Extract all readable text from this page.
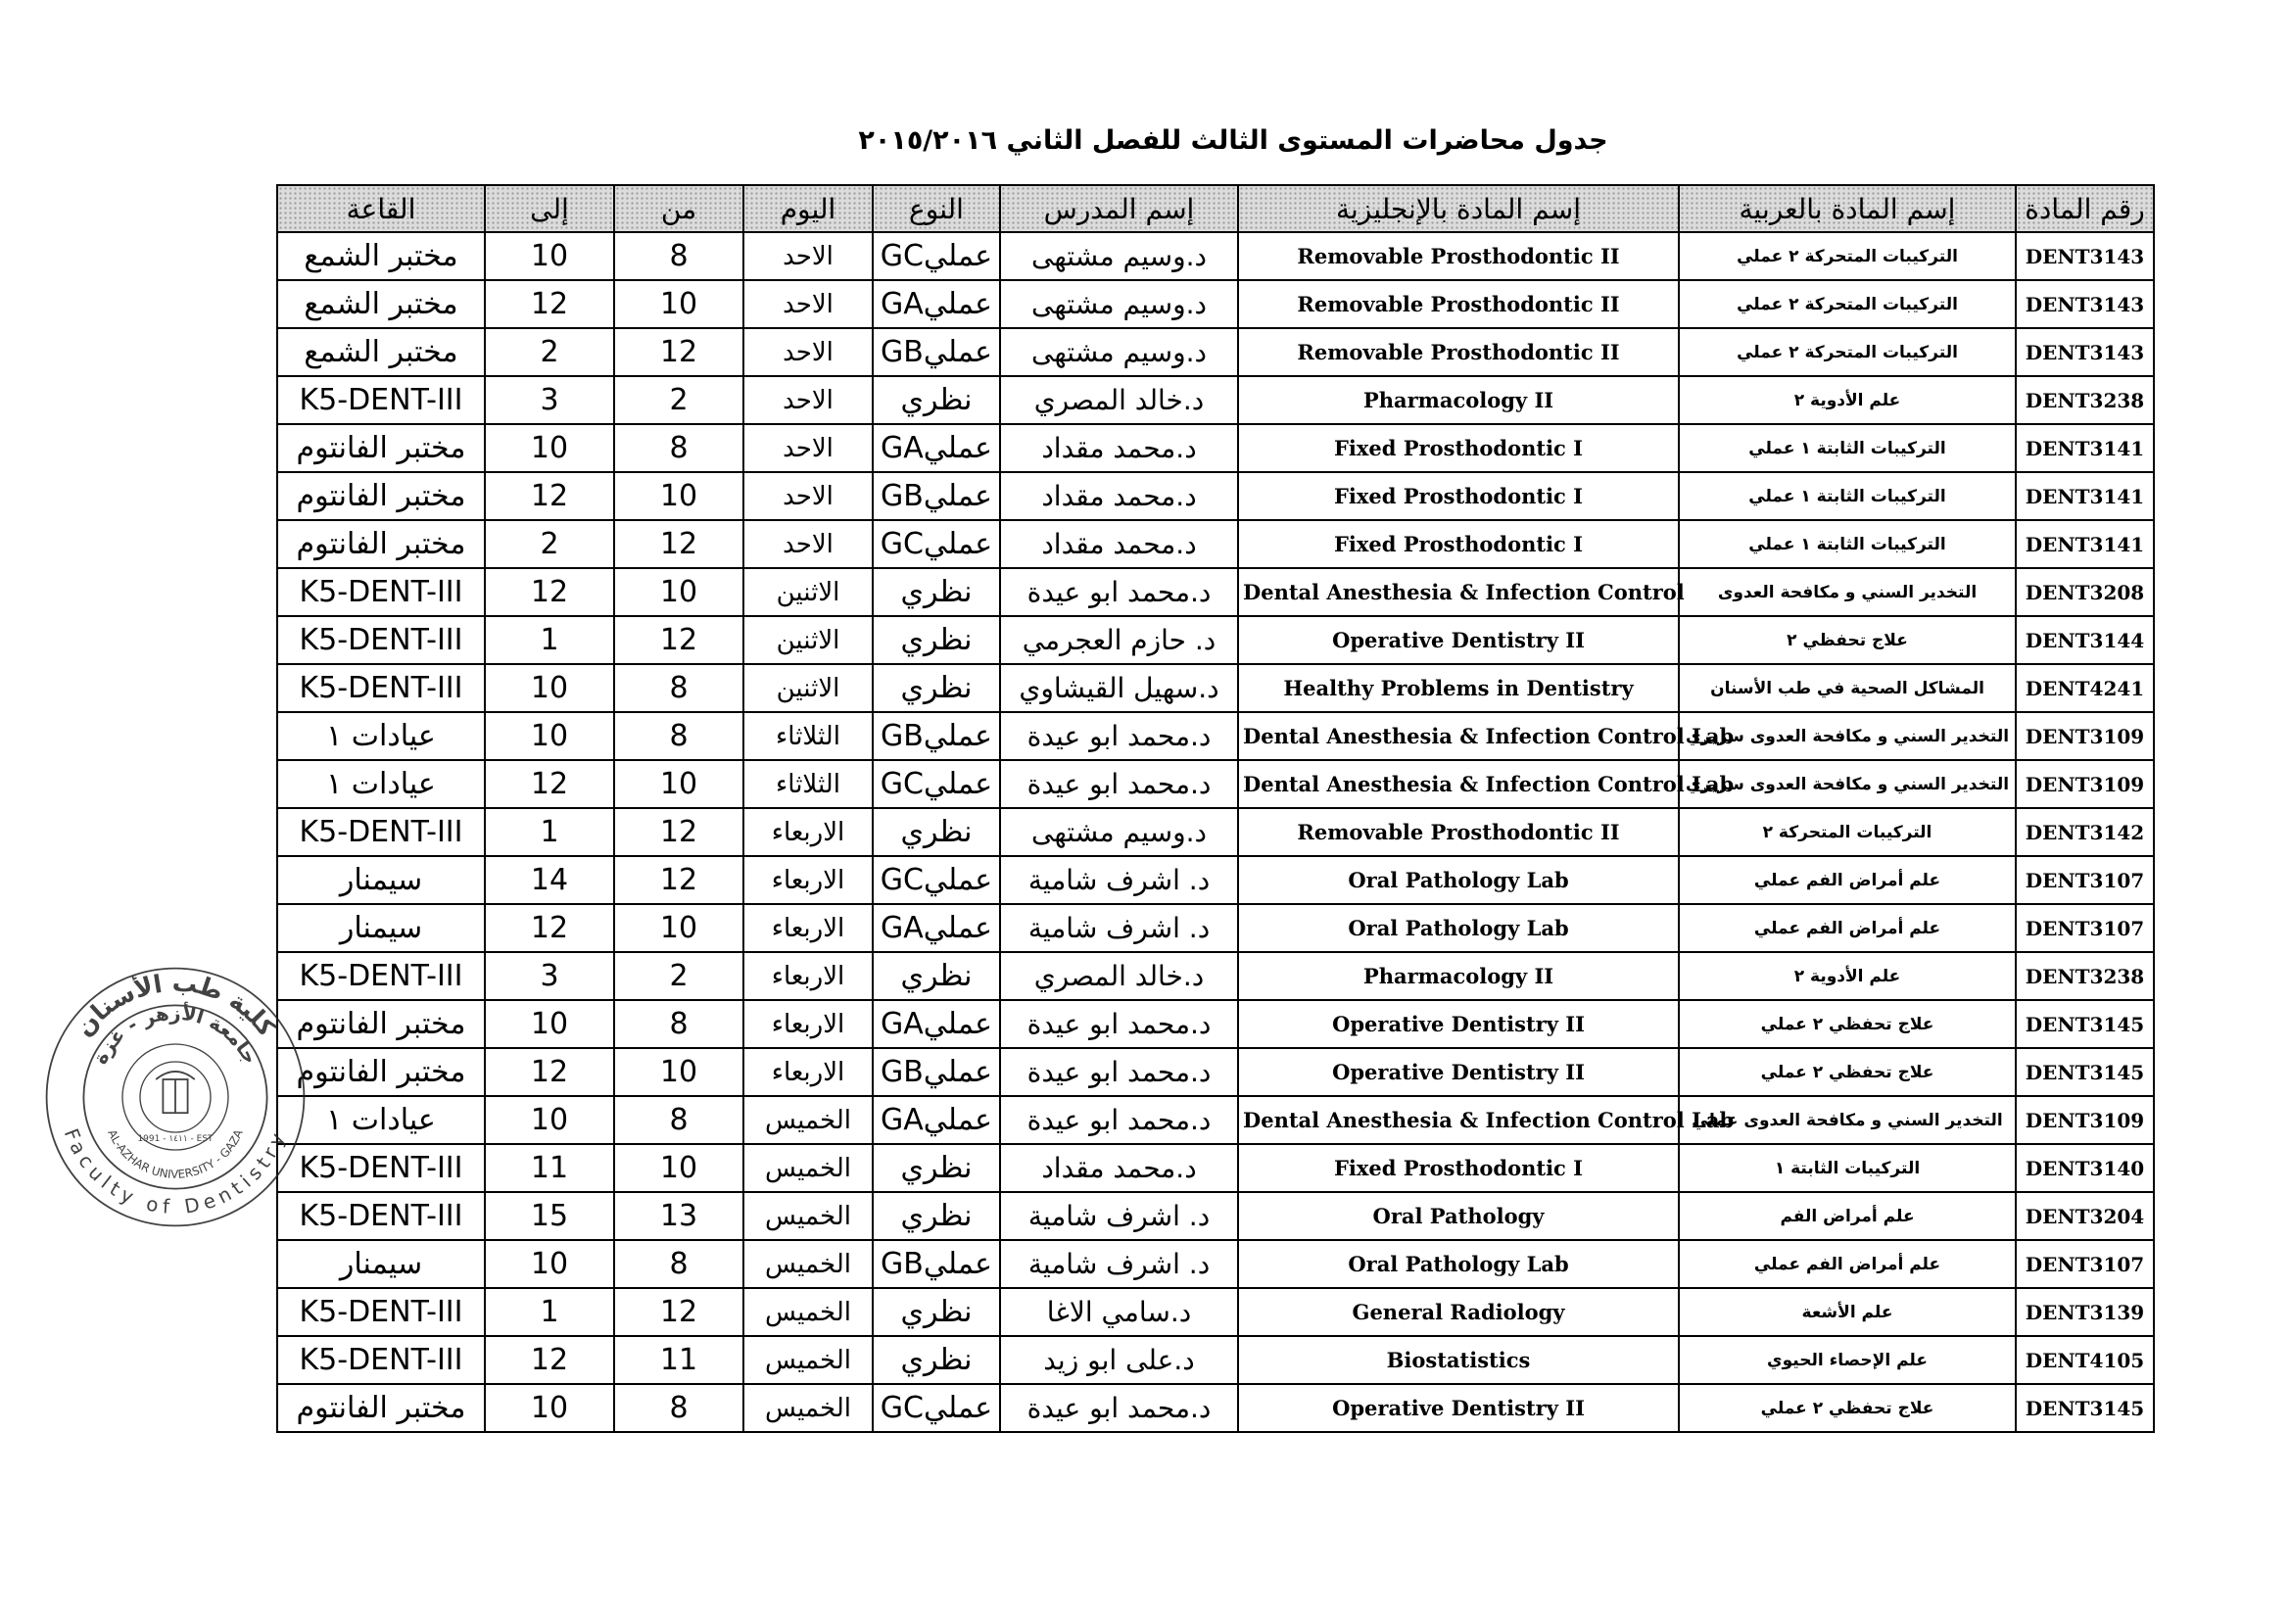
جدول محاضرات المستوى الثالث للفصل الثاني ٢٠١٥/٢٠١٦
القاعة	إلى	من	اليوم	النوع	إسم المدرس	إسم المادة بالإنجليزية	إسم المادة بالعربية	رقم المادة
مختبر الشمع	10	8	الاحد	عمليGC	د.وسيم مشتهى	Removable Prosthodontic II	التركيبات المتحركة ٢ عملي	DENT3143
مختبر الشمع	12	10	الاحد	عمليGA	د.وسيم مشتهى	Removable Prosthodontic II	التركيبات المتحركة ٢ عملي	DENT3143
مختبر الشمع	2	12	الاحد	عمليGB	د.وسيم مشتهى	Removable Prosthodontic II	التركيبات المتحركة ٢ عملي	DENT3143
K5-DENT-III	3	2	الاحد	نظري	د.خالد المصري	Pharmacology II	علم الأدوية ٢	DENT3238
مختبر الفانتوم	10	8	الاحد	عمليGA	د.محمد مقداد	Fixed Prosthodontic I	التركيبات الثابتة ١ عملي	DENT3141
مختبر الفانتوم	12	10	الاحد	عمليGB	د.محمد مقداد	Fixed Prosthodontic I	التركيبات الثابتة ١ عملي	DENT3141
مختبر الفانتوم	2	12	الاحد	عمليGC	د.محمد مقداد	Fixed Prosthodontic I	التركيبات الثابتة ١ عملي	DENT3141
K5-DENT-III	12	10	الاثنين	نظري	د.محمد ابو عيدة	Dental Anesthesia & Infection Control	التخدير السني و مكافحة العدوى	DENT3208
K5-DENT-III	1	12	الاثنين	نظري	د. حازم العجرمي	Operative Dentistry II	علاج تحفظي ٢	DENT3144
K5-DENT-III	10	8	الاثنين	نظري	د.سهيل القيشاوي	Healthy Problems in Dentistry	المشاكل الصحية في طب الأسنان	DENT4241
عيادات ١	10	8	الثلاثاء	عمليGB	د.محمد ابو عيدة	Dental Anesthesia & Infection Control Lab	التخدير السني و مكافحة العدوى سريري	DENT3109
عيادات ١	12	10	الثلاثاء	عمليGC	د.محمد ابو عيدة	Dental Anesthesia & Infection Control Lab	التخدير السني و مكافحة العدوى سريري	DENT3109
K5-DENT-III	1	12	الاربعاء	نظري	د.وسيم مشتهى	Removable Prosthodontic II	التركيبات المتحركة ٢	DENT3142
سيمنار	14	12	الاربعاء	عمليGC	د. اشرف شامية	Oral Pathology Lab	علم أمراض الفم عملي	DENT3107
سيمنار	12	10	الاربعاء	عمليGA	د. اشرف شامية	Oral Pathology Lab	علم أمراض الفم عملي	DENT3107
K5-DENT-III	3	2	الاربعاء	نظري	د.خالد المصري	Pharmacology II	علم الأدوية ٢	DENT3238
مختبر الفانتوم	10	8	الاربعاء	عمليGA	د.محمد ابو عيدة	Operative Dentistry II	علاج تحفظي ٢ عملي	DENT3145
مختبر الفانتوم	12	10	الاربعاء	عمليGB	د.محمد ابو عيدة	Operative Dentistry II	علاج تحفظي ٢ عملي	DENT3145
عيادات ١	10	8	الخميس	عمليGA	د.محمد ابو عيدة	Dental Anesthesia & Infection Control Lab	التخدير السني و مكافحة العدوى عملي	DENT3109
K5-DENT-III	11	10	الخميس	نظري	د.محمد مقداد	Fixed Prosthodontic I	التركيبات الثابتة ١	DENT3140
K5-DENT-III	15	13	الخميس	نظري	د. اشرف شامية	Oral Pathology	علم أمراض الفم	DENT3204
سيمنار	10	8	الخميس	عمليGB	د. اشرف شامية	Oral Pathology Lab	علم أمراض الفم عملي	DENT3107
K5-DENT-III	1	12	الخميس	نظري	د.سامي الاغا	General Radiology	علم الأشعة	DENT3139
K5-DENT-III	12	11	الخميس	نظري	د.على ابو زيد	Biostatistics	علم الإحصاء الحيوي	DENT4105
مختبر الفانتوم	10	8	الخميس	عمليGC	د.محمد ابو عيدة	Operative Dentistry II	علاج تحفظي ٢ عملي	DENT3145
كلية طب الأسنان
جامعة الأزهر - غزة
Faculty of Dentistry
AL-AZHAR UNIVERSITY - GAZA
1991 - ١٤١١ - EST
